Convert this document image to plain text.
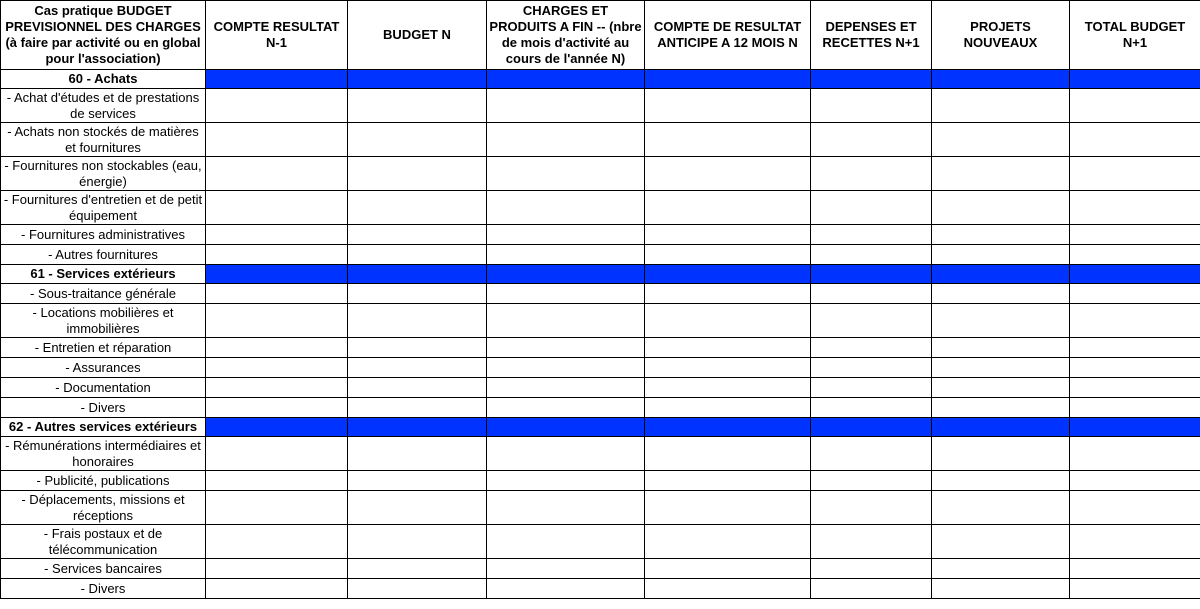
Cas pratique BUDGET PREVISIONNEL DES CHARGES (à faire par activité ou en global pour l'association)	COMPTE RESULTAT N-1	BUDGET N	CHARGES ET PRODUITS A FIN -- (nbre de mois d'activité au cours de l'année N)	COMPTE DE RESULTAT ANTICIPE A 12 MOIS N	DEPENSES ET RECETTES N+1	PROJETS NOUVEAUX	TOTAL BUDGET N+1
60 - Achats							
- Achat d'études et de prestations de services							
- Achats non stockés de matières et fournitures							
- Fournitures non stockables (eau, énergie)							
- Fournitures d'entretien et de petit équipement							
- Fournitures administratives							
- Autres fournitures							
61 - Services extérieurs							
- Sous-traitance générale							
- Locations mobilières et immobilières							
- Entretien et réparation							
- Assurances							
- Documentation							
- Divers							
62 - Autres services extérieurs							
- Rémunérations intermédiaires et honoraires							
- Publicité, publications							
- Déplacements, missions et réceptions							
- Frais postaux et de télécommunication							
- Services bancaires							
- Divers							
